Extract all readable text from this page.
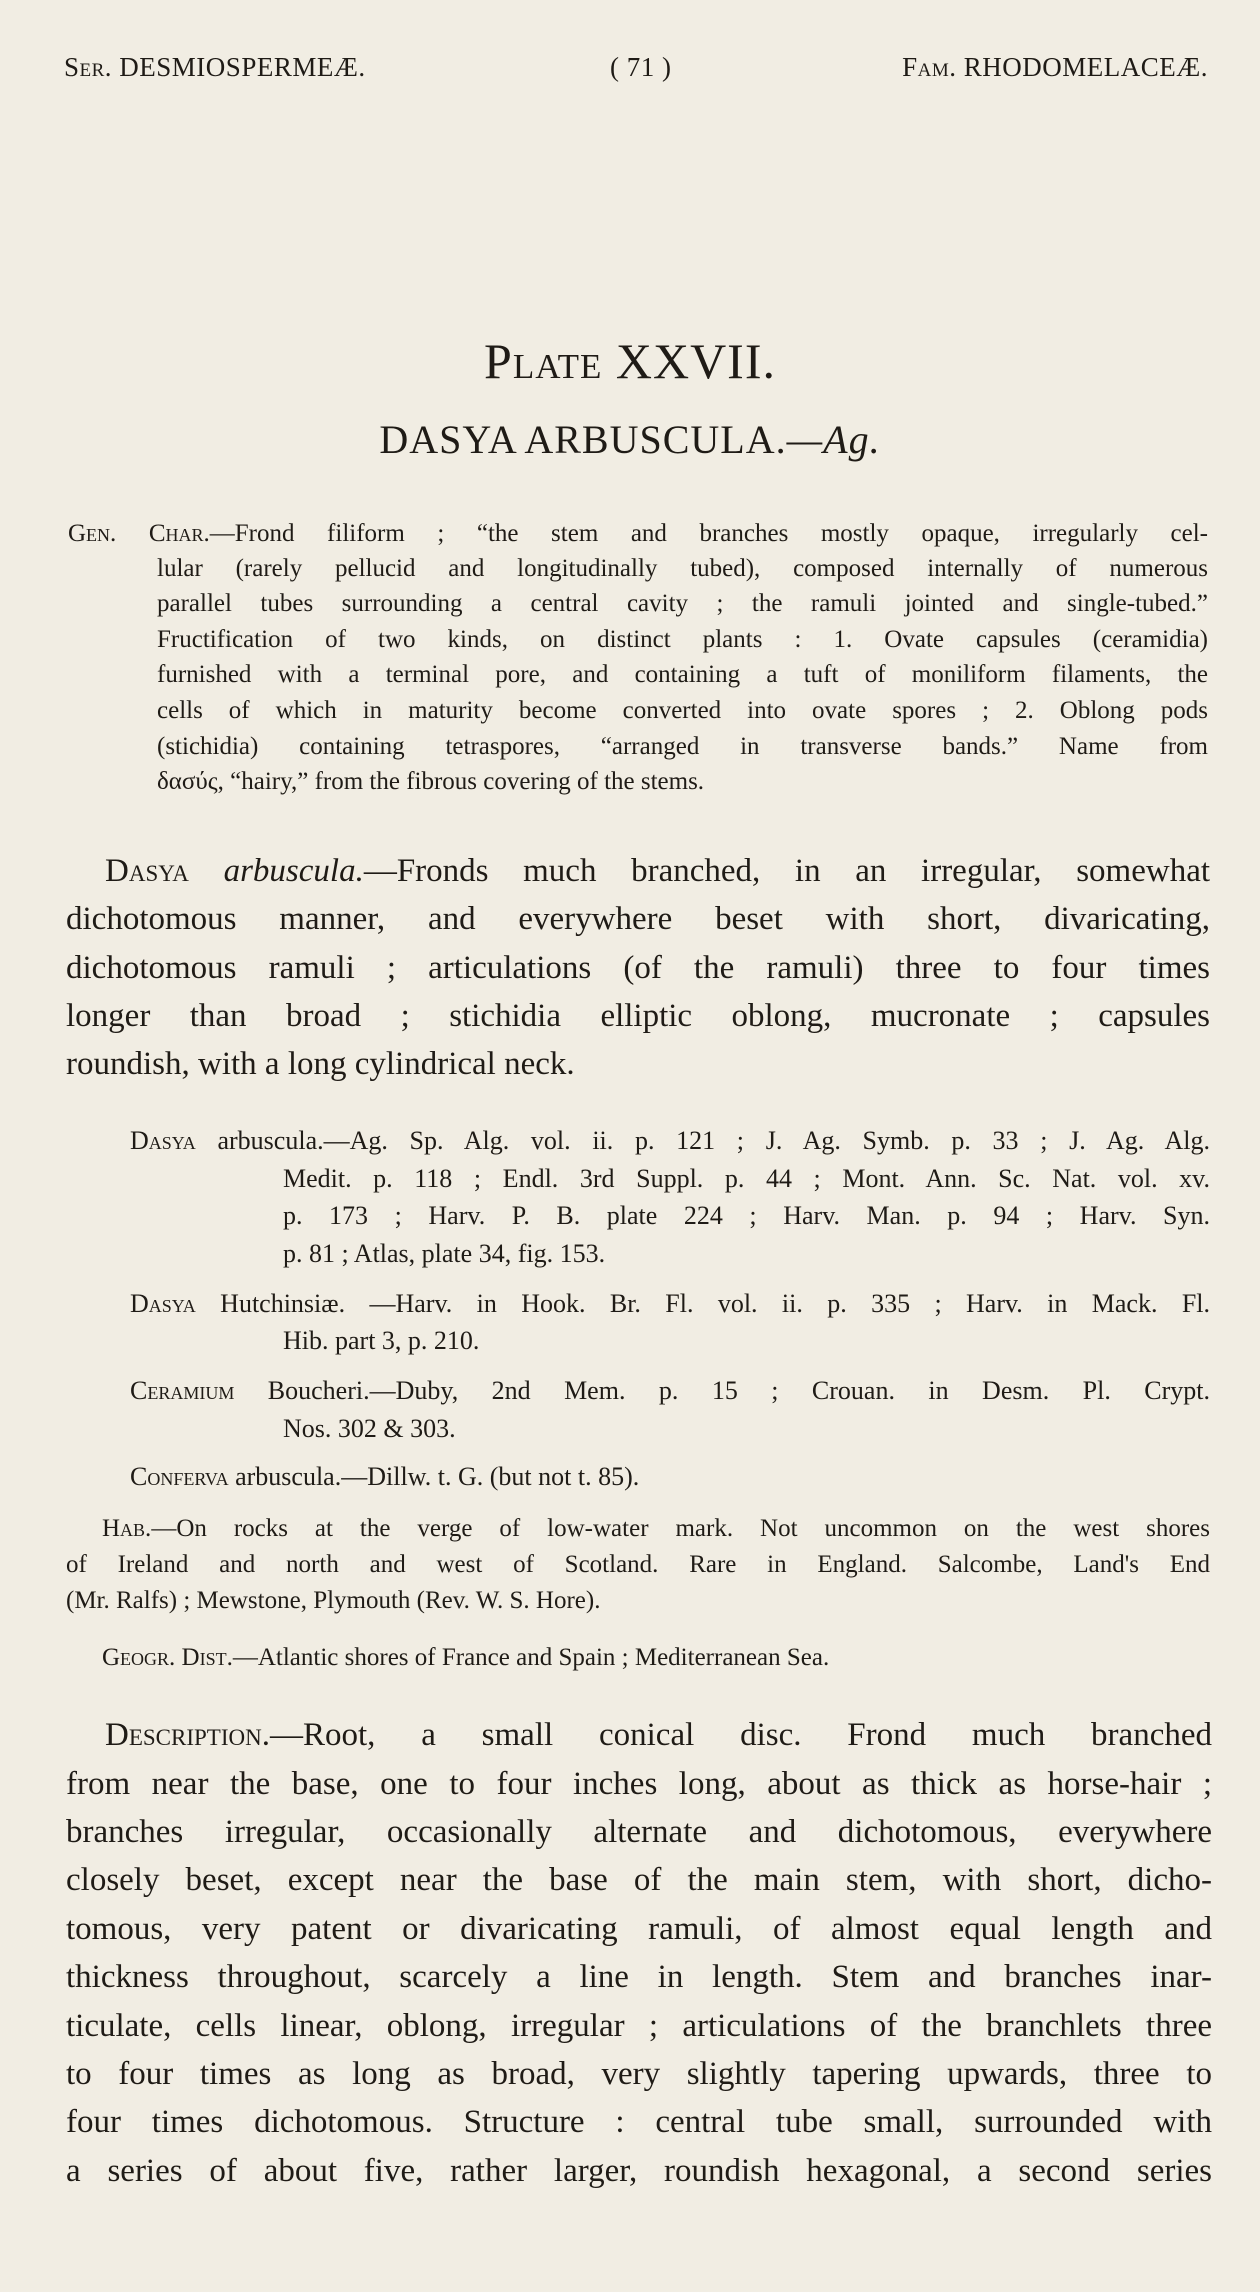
Ser. DESMIOSPERMEÆ.	( 71 )	Fam. RHODOMELACEÆ.
Plate XXVII.
DASYA ARBUSCULA.—Ag.
Gen. Char.—Frond filiform ; “the stem and branches mostly opaque, irregularly cel-
lular (rarely pellucid and longitudinally tubed), composed internally of numerous
parallel tubes surrounding a central cavity ; the ramuli jointed and single-tubed.”
Fructification of two kinds, on distinct plants : 1. Ovate capsules (ceramidia)
furnished with a terminal pore, and containing a tuft of moniliform filaments, the
cells of which in maturity become converted into ovate spores ; 2. Oblong pods
(stichidia) containing tetraspores, “arranged in transverse bands.” Name from
δασύς, “hairy,” from the fibrous covering of the stems.
Dasya arbuscula.—Fronds much branched, in an irregular, somewhat
dichotomous manner, and everywhere beset with short, divaricating,
dichotomous ramuli ; articulations (of the ramuli) three to four times
longer than broad ; stichidia elliptic oblong, mucronate ; capsules
roundish, with a long cylindrical neck.
Dasya arbuscula.—Ag. Sp. Alg. vol. ii. p. 121 ; J. Ag. Symb. p. 33 ; J. Ag. Alg.
Medit. p. 118 ; Endl. 3rd Suppl. p. 44 ; Mont. Ann. Sc. Nat. vol. xv.
p. 173 ; Harv. P. B. plate 224 ; Harv. Man. p. 94 ; Harv. Syn.
p. 81 ; Atlas, plate 34, fig. 153.
Dasya Hutchinsiæ. —Harv. in Hook. Br. Fl. vol. ii. p. 335 ; Harv. in Mack. Fl.
Hib. part 3, p. 210.
Ceramium Boucheri.—Duby, 2nd Mem. p. 15 ; Crouan. in Desm. Pl. Crypt.
Nos. 302 & 303.
Conferva arbuscula.—Dillw. t. G. (but not t. 85).
Hab.—On rocks at the verge of low-water mark. Not uncommon on the west shores
of Ireland and north and west of Scotland. Rare in England. Salcombe, Land's End
(Mr. Ralfs) ; Mewstone, Plymouth (Rev. W. S. Hore).
Geogr. Dist.—Atlantic shores of France and Spain ; Mediterranean Sea.
Description.—Root, a small conical disc. Frond much branched
from near the base, one to four inches long, about as thick as horse-hair ;
branches irregular, occasionally alternate and dichotomous, everywhere
closely beset, except near the base of the main stem, with short, dicho-
tomous, very patent or divaricating ramuli, of almost equal length and
thickness throughout, scarcely a line in length. Stem and branches inar-
ticulate, cells linear, oblong, irregular ; articulations of the branchlets three
to four times as long as broad, very slightly tapering upwards, three to
four times dichotomous. Structure : central tube small, surrounded with
a series of about five, rather larger, roundish hexagonal, a second series
